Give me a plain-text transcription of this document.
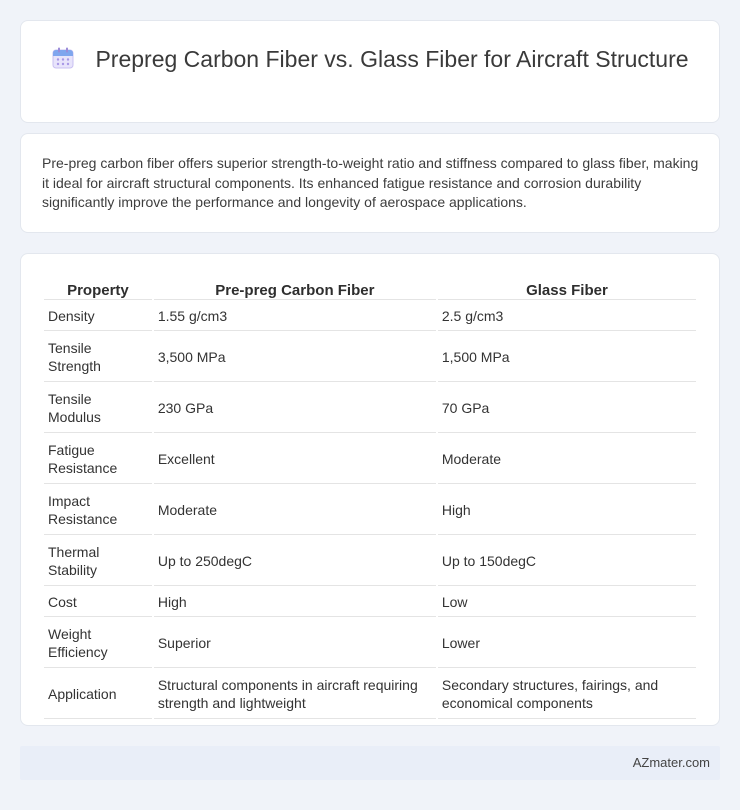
Prepreg Carbon Fiber vs. Glass Fiber for Aircraft Structure

Pre-preg carbon fiber offers superior strength-to-weight ratio and stiffness compared to glass fiber, making it ideal for aircraft structural components. Its enhanced fatigue resistance and corrosion durability significantly improve the performance and longevity of aerospace applications.

Property	Pre-preg Carbon Fiber	Glass Fiber
Density	1.55 g/cm3	2.5 g/cm3
Tensile Strength	3,500 MPa	1,500 MPa
Tensile Modulus	230 GPa	70 GPa
Fatigue Resistance	Excellent	Moderate
Impact Resistance	Moderate	High
Thermal Stability	Up to 250degC	Up to 150degC
Cost	High	Low
Weight Efficiency	Superior	Lower
Application	Structural components in aircraft requiring strength and lightweight	Secondary structures, fairings, and economical components
AZmater.com
